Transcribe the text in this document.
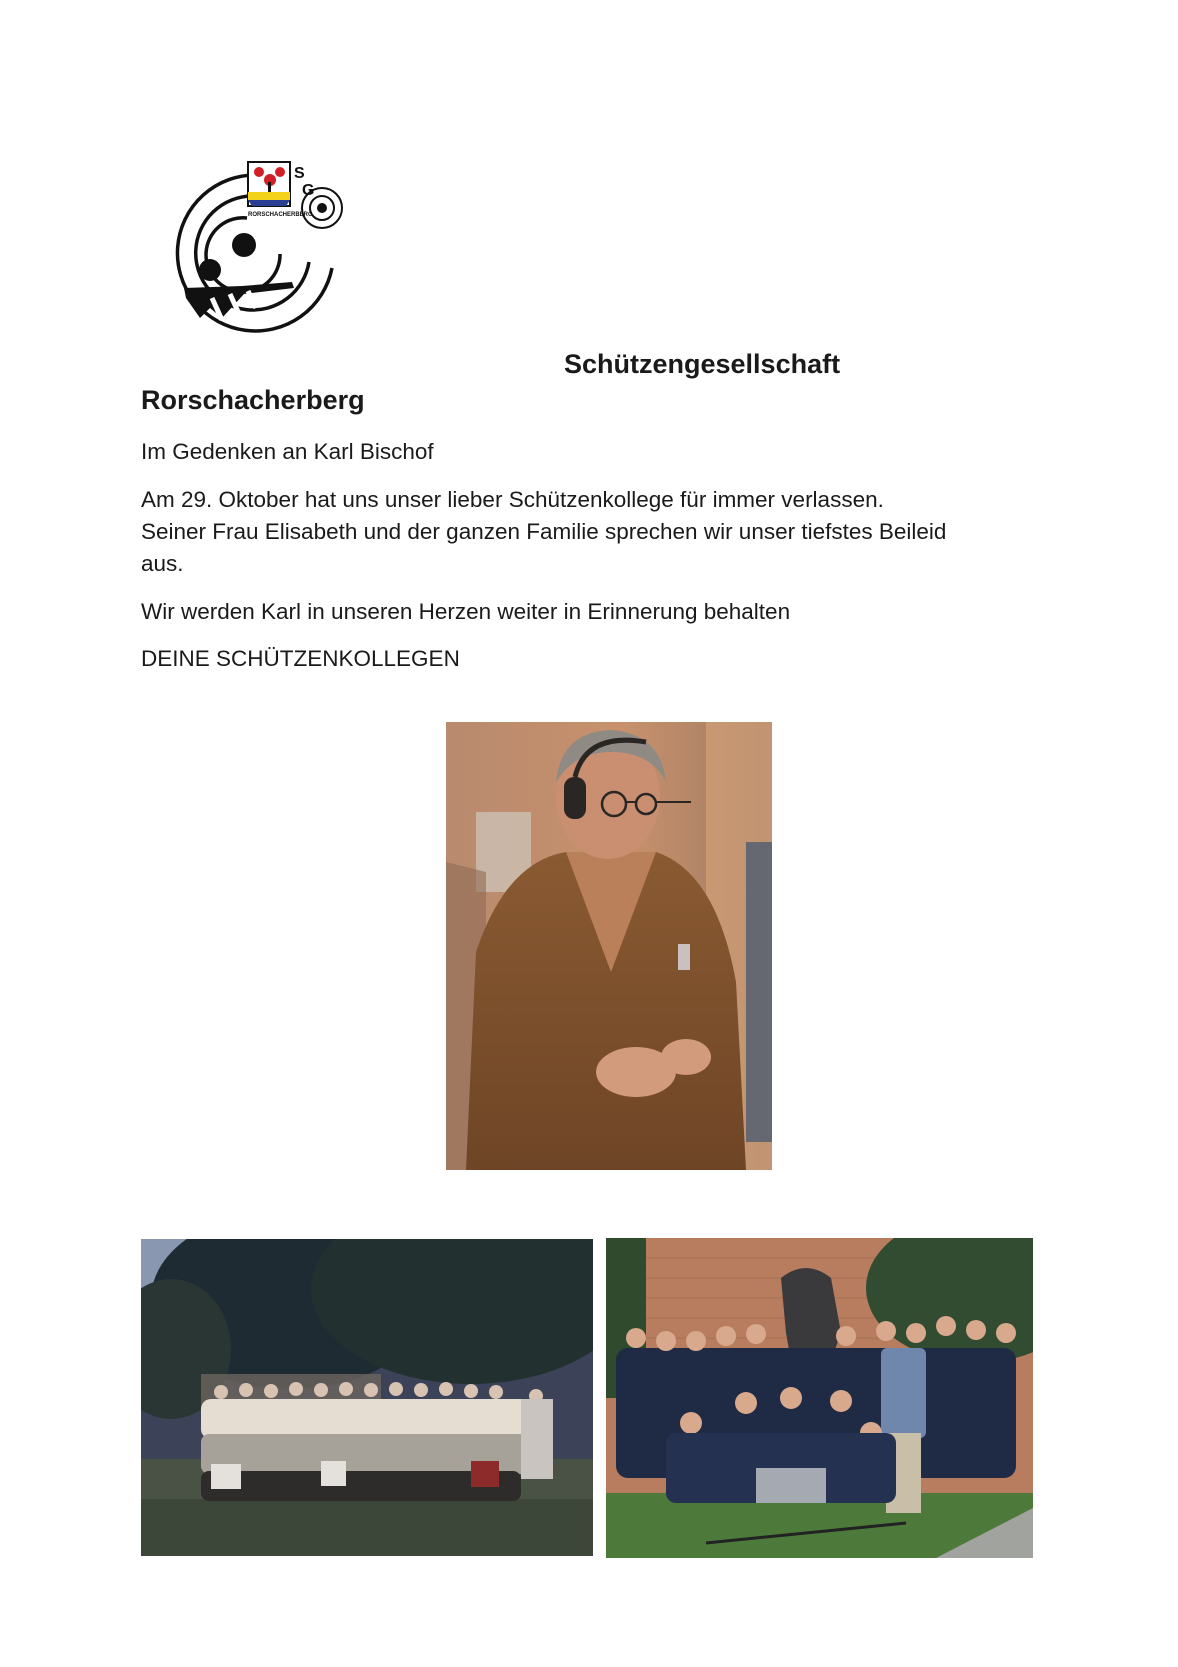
S
G
RORSCHACHERBERG
Schützengesellschaft
Rorschacherberg

Im Gedenken an Karl Bischof

Am 29. Oktober hat uns unser lieber Schützenkollege für immer verlassen.
Seiner Frau Elisabeth und der ganzen Familie sprechen wir unser tiefstes Beileid
aus.

Wir werden Karl in unseren Herzen weiter in Erinnerung behalten

DEINE SCHÜTZENKOLLEGEN
